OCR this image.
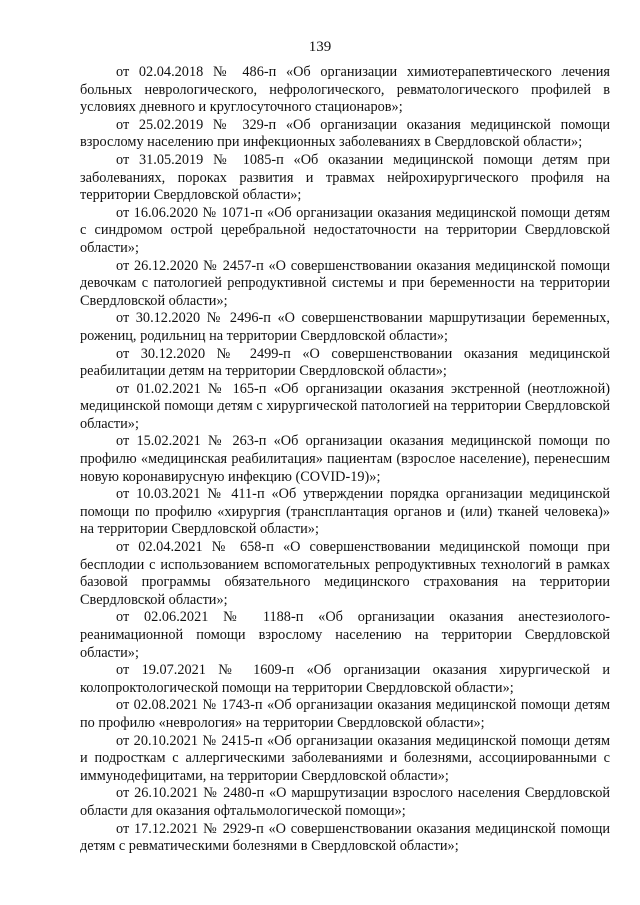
139

от 02.04.2018 № 486-п «Об организации химиотерапевтического лечения больных неврологического, нефрологического, ревматологического профилей в условиях дневного и круглосуточного стационаров»;

от 25.02.2019 № 329-п «Об организации оказания медицинской помощи взрослому населению при инфекционных заболеваниях в Свердловской области»;

от 31.05.2019 № 1085-п «Об оказании медицинской помощи детям при заболеваниях, пороках развития и травмах нейрохирургического профиля на территории Свердловской области»;

от 16.06.2020 № 1071-п «Об организации оказания медицинской помощи детям с синдромом острой церебральной недостаточности на территории Свердловской области»;

от 26.12.2020 № 2457-п «О совершенствовании оказания медицинской помощи девочкам с патологией репродуктивной системы и при беременности на территории Свердловской области»;

от 30.12.2020 № 2496-п «О совершенствовании маршрутизации беременных, рожениц, родильниц на территории Свердловской области»;

от 30.12.2020 № 2499-п «О совершенствовании оказания медицинской реабилитации детям на территории Свердловской области»;

от 01.02.2021 № 165-п «Об организации оказания экстренной (неотложной) медицинской помощи детям с хирургической патологией на территории Свердловской области»;

от 15.02.2021 № 263-п «Об организации оказания медицинской помощи по профилю «медицинская реабилитация» пациентам (взрослое население), перенесшим новую коронавирусную инфекцию (COVID-19)»;

от 10.03.2021 № 411-п «Об утверждении порядка организации медицинской помощи по профилю «хирургия (трансплантация органов и (или) тканей человека)» на территории Свердловской области»;

от 02.04.2021 № 658-п «О совершенствовании медицинской помощи при бесплодии с использованием вспомогательных репродуктивных технологий в рамках базовой программы обязательного медицинского страхования на территории Свердловской области»;

от 02.06.2021 № 1188-п «Об организации оказания анестезиолого-реанимационной помощи взрослому населению на территории Свердловской области»;

от 19.07.2021 № 1609-п «Об организации оказания хирургической и колопроктологической помощи на территории Свердловской области»;

от 02.08.2021 № 1743-п «Об организации оказания медицинской помощи детям по профилю «неврология» на территории Свердловской области»;

от 20.10.2021 № 2415-п «Об организации оказания медицинской помощи детям и подросткам с аллергическими заболеваниями и болезнями, ассоциированными с иммунодефицитами, на территории Свердловской области»;

от 26.10.2021 № 2480-п «О маршрутизации взрослого населения Свердловской области для оказания офтальмологической помощи»;

от 17.12.2021 № 2929-п «О совершенствовании оказания медицинской помощи детям с ревматическими болезнями в Свердловской области»;
